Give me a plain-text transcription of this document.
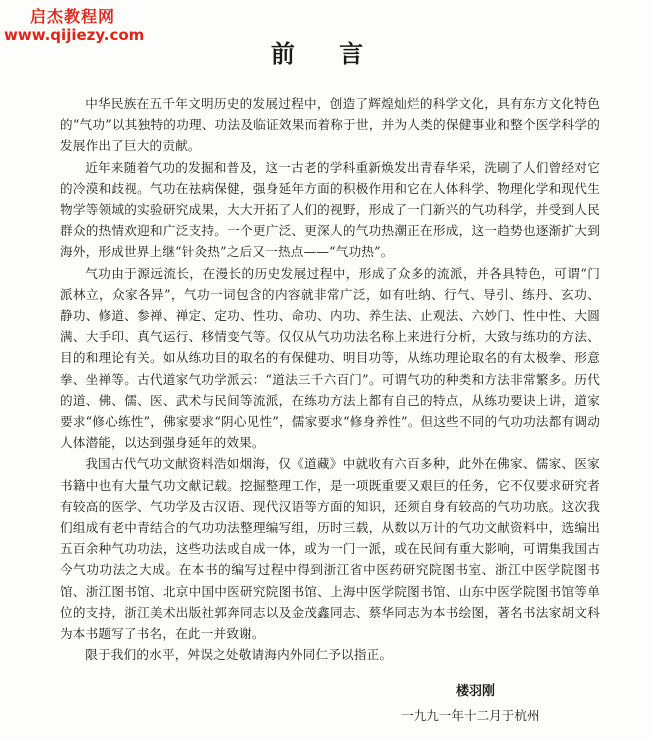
启杰教程网
www.qijiezy.com
前 言

中华民族在五千年文明历史的发展过程中，创造了辉煌灿烂的科学文化，具有东方文化特色的“气功”以其独特的功理、功法及临证效果而着称于世，并为人类的保健事业和整个医学科学的发展作出了巨大的贡献。

近年来随着气功的发掘和普及，这一古老的学科重新焕发出青春华采，洗刷了人们曾经对它的冷漠和歧视。气功在祛病保健，强身延年方面的积极作用和它在人体科学、物理化学和现代生物学等领域的实验研究成果，大大开拓了人们的视野，形成了一门新兴的气功科学，并受到人民群众的热情欢迎和广泛支持。一个更广泛、更深人的气功热潮正在形成，这一趋势也逐渐扩大到海外，形成世界上继“针灸热”之后又一热点——“气功热”。

气功由于源远流长，在漫长的历史发展过程中，形成了众多的流派，并各具特色，可谓“门派林立，众家各异”，气功一词包含的内容就非常广泛，如有吐纳、行气、导引、练丹、玄功、静功、修道、参禅、禅定、定功、性功、命功、内功、养生法、止观法、六妙门、性中性、大圆满、大手印、真气运行、移情变气等。仅仅从气功功法名称上来进行分析，大致与练功的方法、目的和理论有关。如从练功目的取名的有保健功、明目功等，从练功理论取名的有太极拳、形意拳、坐禅等。古代道家气功学派云：“道法三千六百门”。可谓气功的种类和方法非常繁多。历代的道、佛、儒、医、武术与民间等流派，在练功方法上都有自己的特点，从练功要诀上讲，道家要求“修心练性”，佛家要求“阴心见性”，儒家要求“修身养性”。但这些不同的气功功法都有调动人体潜能，以达到强身延年的效果。

我国古代气功文献资料浩如烟海，仅《道藏》中就收有六百多种，此外在佛家、儒家、医家书籍中也有大量气功文献记载。挖掘整理工作，是一项既重要又艰巨的任务，它不仅要求研究者有较高的医学、气功学及古汉语、现代汉语等方面的知识，还须自身有较高的气功功底。这次我们组成有老中青结合的气功功法整理编写组，历时三载，从数以万计的气功文献资料中，选编出五百余种气功功法，这些功法或自成一体，或为一门一派，或在民间有重大影响，可谓集我国古今气功功法之大成。在本书的编写过程中得到浙江省中医药研究院图书室、浙江中医学院图书馆、浙江图书馆、北京中国中医研究院图书馆、上海中医学院图书馆、山东中医学院图书馆等单位的支持，浙江美术出版社郭奔同志以及金茂鑫同志、蔡华同志为本书绘图，著名书法家胡文科为本书题写了书名，在此一并致谢。

限于我们的水平，舛误之处敬请海内外同仁予以指正。

楼羽刚
一九九一年十二月于杭州
